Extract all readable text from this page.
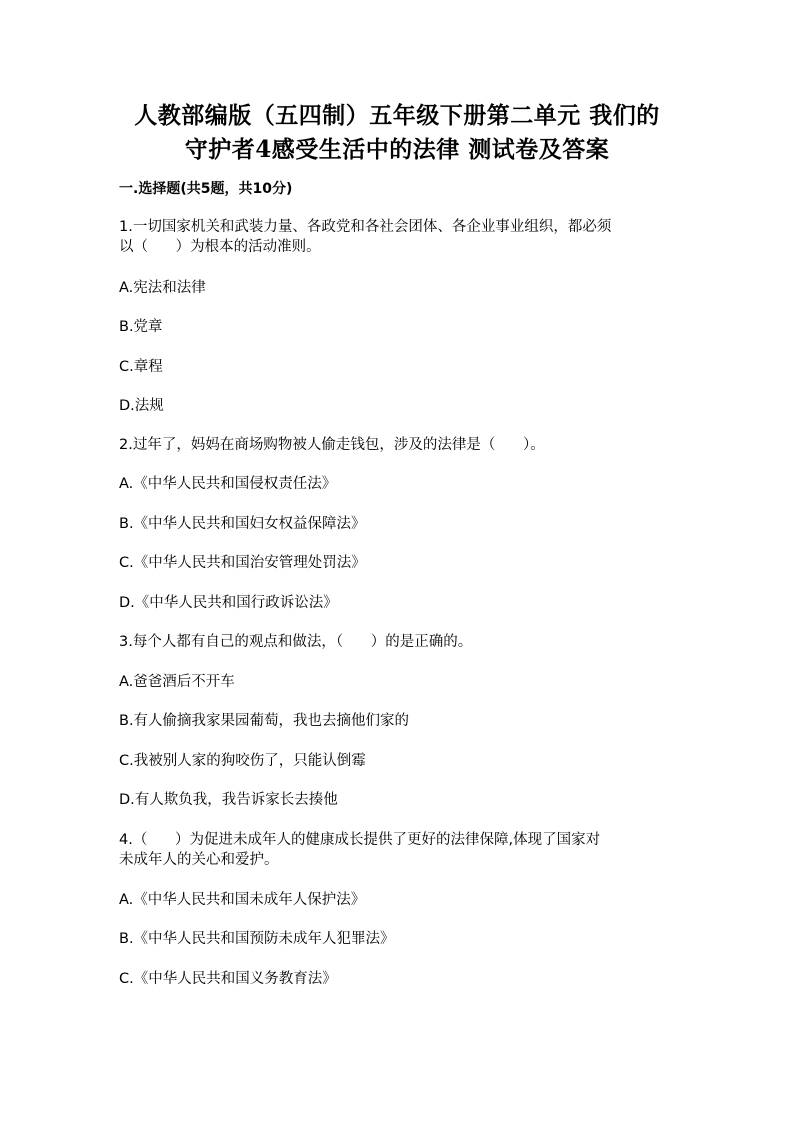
人教部编版（五四制）五年级下册第二单元 我们的
守护者4感受生活中的法律 测试卷及答案
一.选择题(共5题，共10分)
1.一切国家机关和武装力量、各政党和各社会团体、各企业事业组织，都必须
以（      ）为根本的活动准则。
A.宪法和法律
B.党章
C.章程
D.法规
2.过年了，妈妈在商场购物被人偷走钱包，涉及的法律是（      ）。
A.《中华人民共和国侵权责任法》
B.《中华人民共和国妇女权益保障法》
C.《中华人民共和国治安管理处罚法》
D.《中华人民共和国行政诉讼法》
3.每个人都有自己的观点和做法，（      ）的是正确的。
A.爸爸酒后不开车
B.有人偷摘我家果园葡萄，我也去摘他们家的
C.我被别人家的狗咬伤了，只能认倒霉
D.有人欺负我，我告诉家长去揍他
4.（      ）为促进未成年人的健康成长提供了更好的法律保障,体现了国家对
未成年人的关心和爱护。
A.《中华人民共和国未成年人保护法》
B.《中华人民共和国预防未成年人犯罪法》
C.《中华人民共和国义务教育法》
